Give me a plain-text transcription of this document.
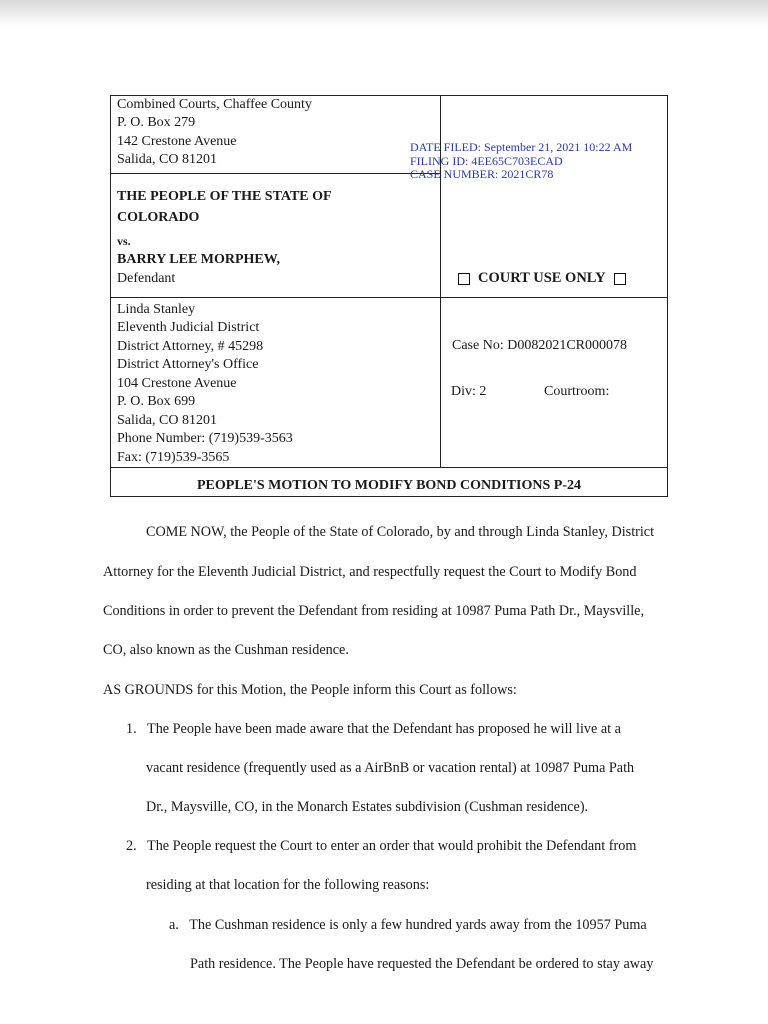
Combined Courts, Chaffee County
P. O. Box 279
142 Crestone Avenue
Salida, CO 81201
DATE FILED: September 21, 2021 10:22 AM
FILING ID: 4EE65C703ECAD
CASE NUMBER: 2021CR78
THE PEOPLE OF THE STATE OF
COLORADO
vs.
BARRY LEE MORPHEW,
Defendant	COURT USE ONLY
Linda Stanley
Eleventh Judicial District
District Attorney, # 45298
District Attorney's Office
104 Crestone Avenue
P. O. Box 699
Salida, CO 81201
Phone Number: (719)539-3563
Fax: (719)539-3565
Case No: D0082021CR000078
Div: 2	Courtroom:
PEOPLE'S MOTION TO MODIFY BOND CONDITIONS P-24
COME NOW, the People of the State of Colorado, by and through Linda Stanley, District
Attorney for the Eleventh Judicial District, and respectfully request the Court to Modify Bond
Conditions in order to prevent the Defendant from residing at 10987 Puma Path Dr., Maysville,
CO, also known as the Cushman residence.
AS GROUNDS for this Motion, the People inform this Court as follows:
1.   The People have been made aware that the Defendant has proposed he will live at a
vacant residence (frequently used as a AirBnB or vacation rental) at 10987 Puma Path
Dr., Maysville, CO, in the Monarch Estates subdivision (Cushman residence).
2.   The People request the Court to enter an order that would prohibit the Defendant from
residing at that location for the following reasons:
a.   The Cushman residence is only a few hundred yards away from the 10957 Puma
Path residence. The People have requested the Defendant be ordered to stay away
